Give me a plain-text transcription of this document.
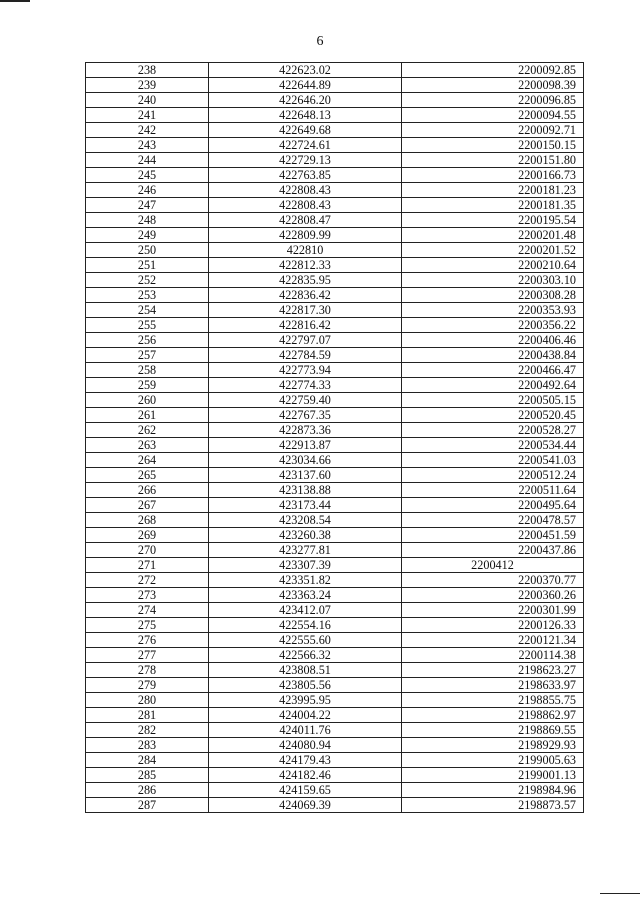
6
238	422623.02	2200092.85
239	422644.89	2200098.39
240	422646.20	2200096.85
241	422648.13	2200094.55
242	422649.68	2200092.71
243	422724.61	2200150.15
244	422729.13	2200151.80
245	422763.85	2200166.73
246	422808.43	2200181.23
247	422808.43	2200181.35
248	422808.47	2200195.54
249	422809.99	2200201.48
250	422810	2200201.52
251	422812.33	2200210.64
252	422835.95	2200303.10
253	422836.42	2200308.28
254	422817.30	2200353.93
255	422816.42	2200356.22
256	422797.07	2200406.46
257	422784.59	2200438.84
258	422773.94	2200466.47
259	422774.33	2200492.64
260	422759.40	2200505.15
261	422767.35	2200520.45
262	422873.36	2200528.27
263	422913.87	2200534.44
264	423034.66	2200541.03
265	423137.60	2200512.24
266	423138.88	2200511.64
267	423173.44	2200495.64
268	423208.54	2200478.57
269	423260.38	2200451.59
270	423277.81	2200437.86
271	423307.39	2200412
272	423351.82	2200370.77
273	423363.24	2200360.26
274	423412.07	2200301.99
275	422554.16	2200126.33
276	422555.60	2200121.34
277	422566.32	2200114.38
278	423808.51	2198623.27
279	423805.56	2198633.97
280	423995.95	2198855.75
281	424004.22	2198862.97
282	424011.76	2198869.55
283	424080.94	2198929.93
284	424179.43	2199005.63
285	424182.46	2199001.13
286	424159.65	2198984.96
287	424069.39	2198873.57
